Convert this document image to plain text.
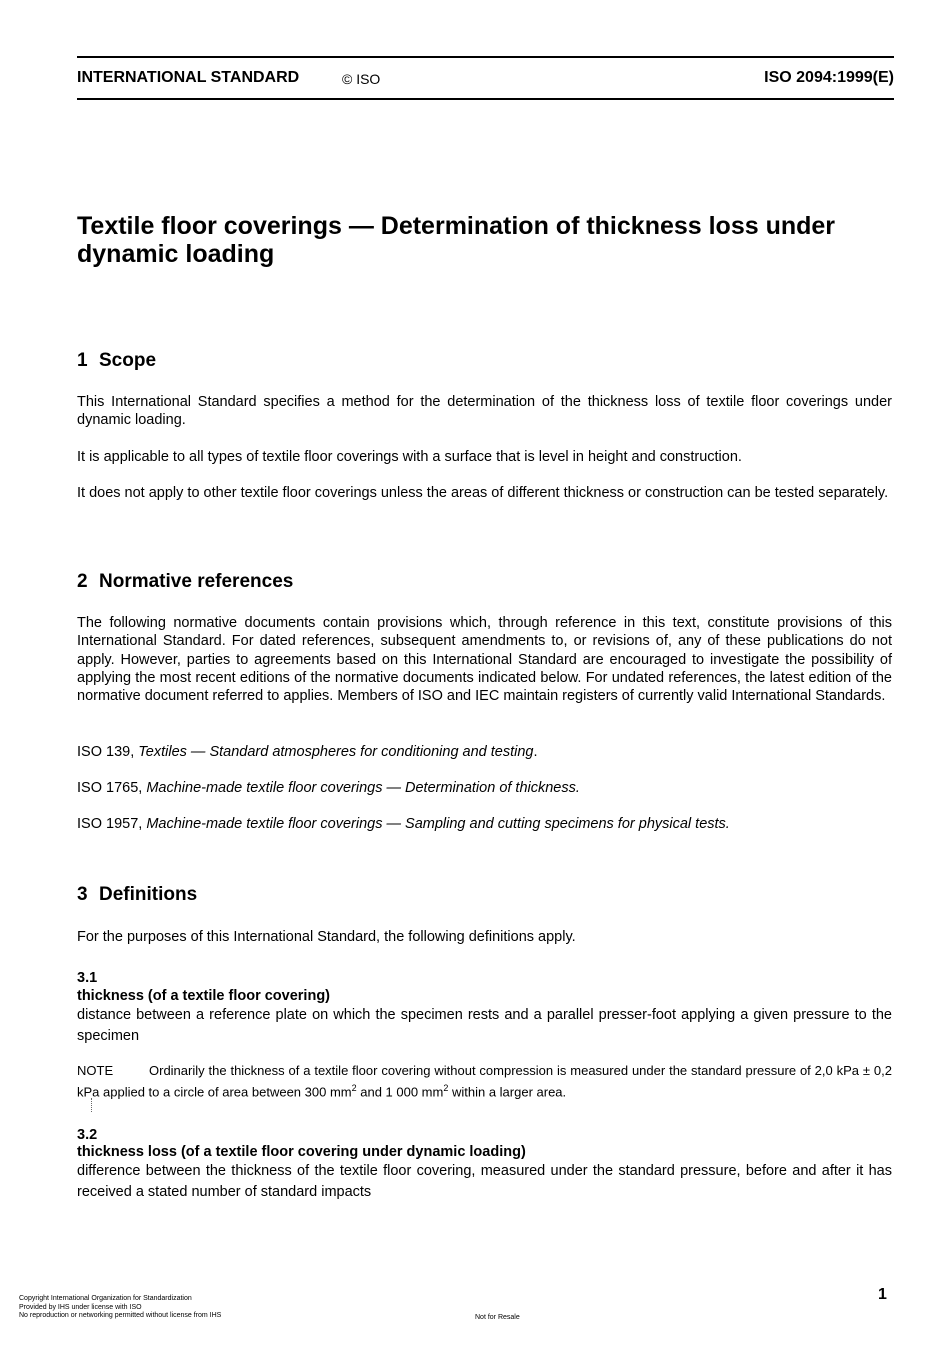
INTERNATIONAL STANDARD	© ISO	ISO 2094:1999(E)
Textile floor coverings — Determination of thickness loss under dynamic loading
1 Scope
This International Standard specifies a method for the determination of the thickness loss of textile floor coverings under dynamic loading.
It is applicable to all types of textile floor coverings with a surface that is level in height and construction.
It does not apply to other textile floor coverings unless the areas of different thickness or construction can be tested separately.
2 Normative references
The following normative documents contain provisions which, through reference in this text, constitute provisions of this International Standard. For dated references, subsequent amendments to, or revisions of, any of these publications do not apply. However, parties to agreements based on this International Standard are encouraged to investigate the possibility of applying the most recent editions of the normative documents indicated below. For undated references, the latest edition of the normative document referred to applies. Members of ISO and IEC maintain registers of currently valid International Standards.
ISO 139, Textiles — Standard atmospheres for conditioning and testing.
ISO 1765, Machine-made textile floor coverings — Determination of thickness.
ISO 1957, Machine-made textile floor coverings — Sampling and cutting specimens for physical tests.
3 Definitions
For the purposes of this International Standard, the following definitions apply.
3.1
thickness (of a textile floor covering)
distance between a reference plate on which the specimen rests and a parallel presser-foot applying a given pressure to the specimen
NOTE	Ordinarily the thickness of a textile floor covering without compression is measured under the standard pressure of 2,0 kPa ± 0,2 kPa applied to a circle of area between 300 $mm^2$ and 1 000 $mm^2$ within a larger area.
3.2
thickness loss (of a textile floor covering under dynamic loading)
difference between the thickness of the textile floor covering, measured under the standard pressure, before and after it has received a stated number of standard impacts
1
Copyright International Organization for Standardization
Provided by IHS under license with ISO
No reproduction or networking permitted without license from IHS	Not for Resale
